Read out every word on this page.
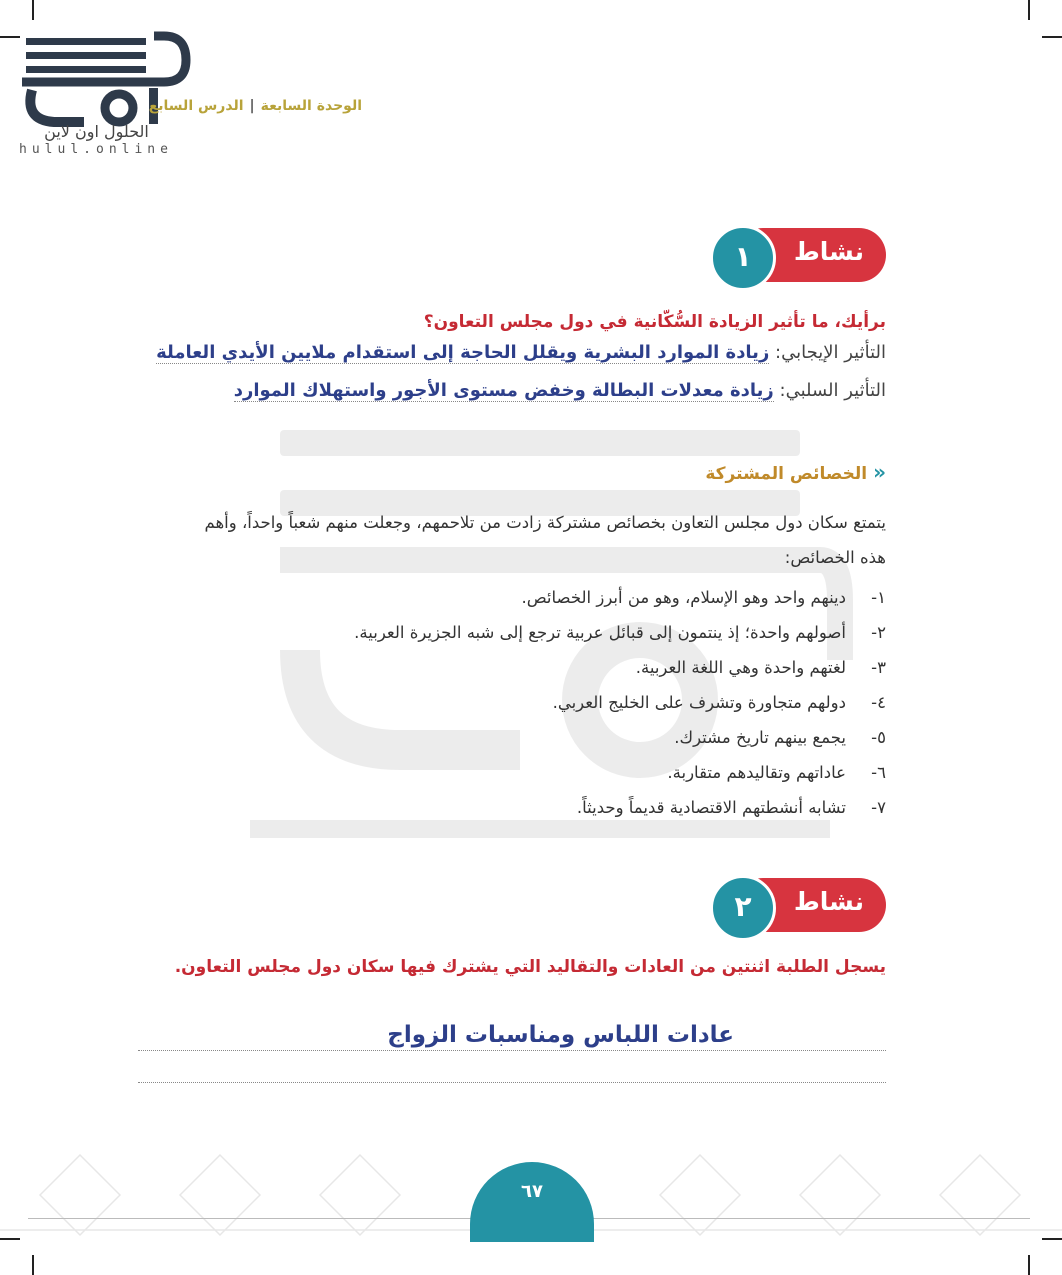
الحلول اون لاين
hulul.online
الوحدة السابعة|الدرس السابع
نشاط
١
برأيك، ما تأثير الزيادة السُّكّانية في دول مجلس التعاون؟
التأثير الإيجابي: زيادة الموارد البشرية ويقلل الحاجة إلى استقدام ملايين الأيدي العاملة
التأثير السلبي: زيادة معدلات البطالة وخفض مستوى الأجور واستهلاك الموارد
«الخصائص المشتركة
يتمتع سكان دول مجلس التعاون بخصائص مشتركة زادت من تلاحمهم، وجعلت منهم شعباً واحداً، وأهم هذه الخصائص:
١-دينهم واحد وهو الإسلام، وهو من أبرز الخصائص.
٢-أصولهم واحدة؛ إذ ينتمون إلى قبائل عربية ترجع إلى شبه الجزيرة العربية.
٣-لغتهم واحدة وهي اللغة العربية.
٤-دولهم متجاورة وتشرف على الخليج العربي.
٥-يجمع بينهم تاريخ مشترك.
٦-عاداتهم وتقاليدهم متقاربة.
٧-تشابه أنشطتهم الاقتصادية قديماً وحديثاً.
نشاط
٢
يسجل الطلبة اثنتين من العادات والتقاليد التي يشترك فيها سكان دول مجلس التعاون.
عادات اللباس ومناسبات الزواج
٦٧
